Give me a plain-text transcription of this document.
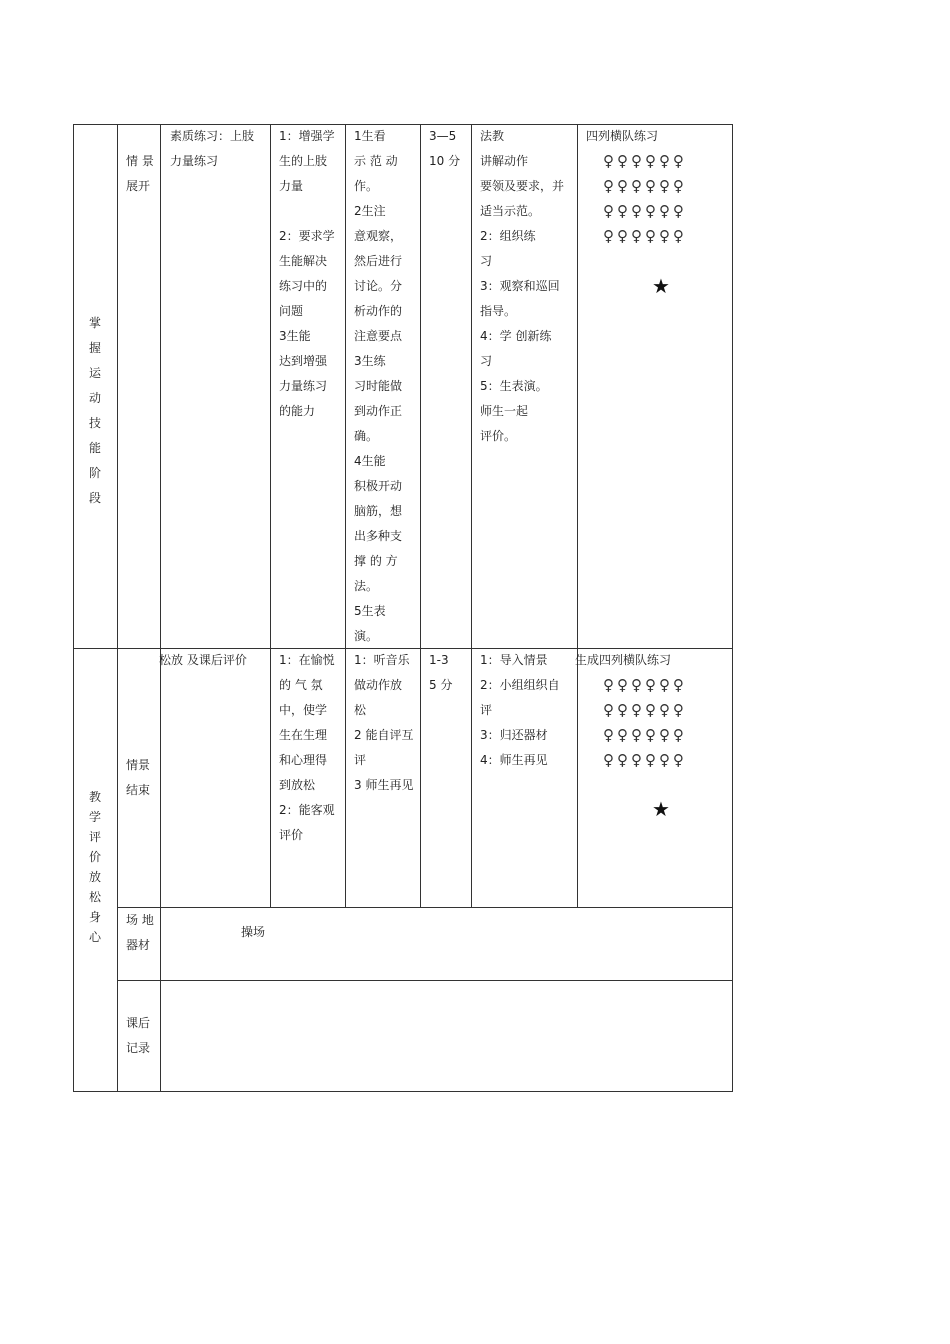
掌
握
运
动
技
能
阶
段
情 景
展开
素质练习：上肢
力量练习
1：增强学
生的上肢
力量

2：要求学
生能解决
练习中的
问题
3生能
达到增强
力量练习
的能力
1生看
示 范 动
作。
2生注
意观察，
然后进行
讨论。分
析动作的
注意要点
3生练
习时能做
到动作正
确。
4生能
积极开动
脑筋，想
出多种支
撑 的 方
法。
5生表
演。
3—5
10 分
法教
讲解动作
要领及要求，并
适当示范。
2：组织练
习
3：观察和巡回
指导。
4：学 创新练
习
5：生表演。
师生一起
评价。
四列横队练习
♀♀♀♀♀♀
♀♀♀♀♀♀
♀♀♀♀♀♀
♀♀♀♀♀♀
★
教
学
评
价
放
松
身
心
情景
结束
松放 及课后评价	1：在愉悦
的 气 氛
中，使学
生在生理
和心理得
到放松
2：能客观
评价
1：听音乐
做动作放
松
2 能自评互
评
3 师生再见
1-3
5 分
1：导入情景
2：小组组织自
评
3：归还器材
4：师生再见
生成四列横队练习
♀♀♀♀♀♀
♀♀♀♀♀♀
♀♀♀♀♀♀
♀♀♀♀♀♀
★
场 地
器材
操场
课后
记录
